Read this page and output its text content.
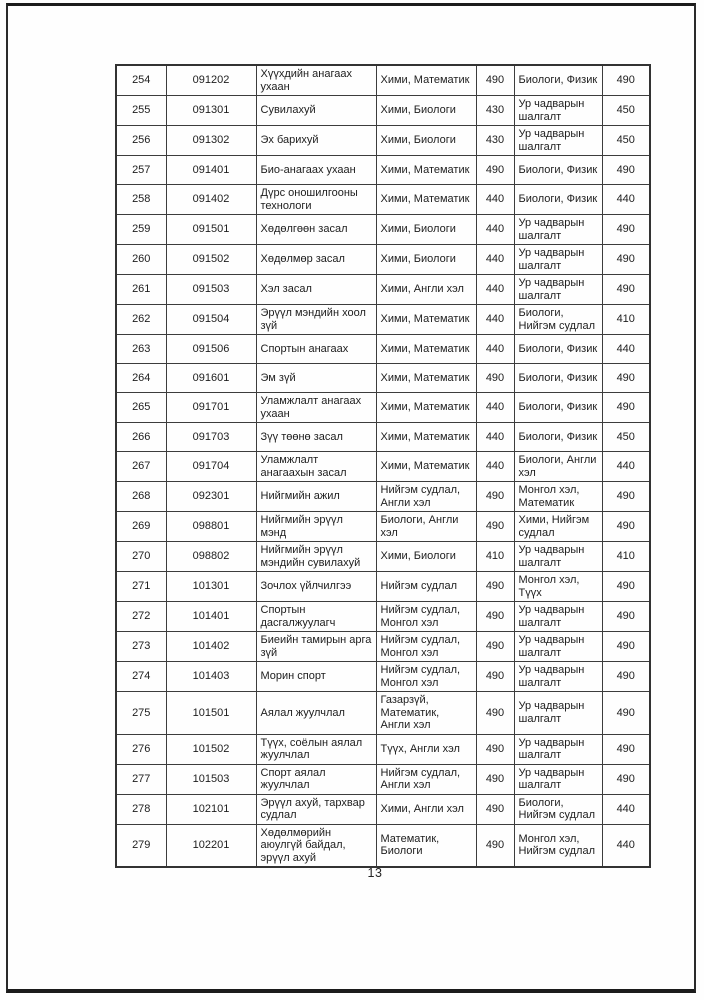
254	091202	Хүүхдийн анагаах ухаан	Хими, Математик	490	Биологи, Физик	490
255	091301	Сувилахуй	Хими, Биологи	430	Ур чадварын шалгалт	450
256	091302	Эх барихуй	Хими, Биологи	430	Ур чадварын шалгалт	450
257	091401	Био-анагаах ухаан	Хими, Математик	490	Биологи, Физик	490
258	091402	Дүрс оношилгооны технологи	Хими, Математик	440	Биологи, Физик	440
259	091501	Хөдөлгөөн засал	Хими, Биологи	440	Ур чадварын шалгалт	490
260	091502	Хөдөлмөр засал	Хими, Биологи	440	Ур чадварын шалгалт	490
261	091503	Хэл засал	Хими, Англи хэл	440	Ур чадварын шалгалт	490
262	091504	Эрүүл мэндийн хоол зүй	Хими, Математик	440	Биологи, Нийгэм судлал	410
263	091506	Спортын анагаах	Хими, Математик	440	Биологи, Физик	440
264	091601	Эм зүй	Хими, Математик	490	Биологи, Физик	490
265	091701	Уламжлалт анагаах ухаан	Хими, Математик	440	Биологи, Физик	490
266	091703	Зүү төөнө засал	Хими, Математик	440	Биологи, Физик	450
267	091704	Уламжлалт анагаахын засал	Хими, Математик	440	Биологи, Англи хэл	440
268	092301	Нийгмийн ажил	Нийгэм судлал, Англи хэл	490	Монгол хэл, Математик	490
269	098801	Нийгмийн эрүүл мэнд	Биологи, Англи хэл	490	Хими, Нийгэм судлал	490
270	098802	Нийгмийн эрүүл мэндийн сувилахуй	Хими, Биологи	410	Ур чадварын шалгалт	410
271	101301	Зочлох үйлчилгээ	Нийгэм судлал	490	Монгол хэл, Түүх	490
272	101401	Спортын дасгалжуулагч	Нийгэм судлал, Монгол хэл	490	Ур чадварын шалгалт	490
273	101402	Биеийн тамирын арга зүй	Нийгэм судлал, Монгол хэл	490	Ур чадварын шалгалт	490
274	101403	Морин спорт	Нийгэм судлал, Монгол хэл	490	Ур чадварын шалгалт	490
275	101501	Аялал жуулчлал	Газарзүй, Математик, Англи хэл	490	Ур чадварын шалгалт	490
276	101502	Түүх, соёлын аялал жуулчлал	Түүх, Англи хэл	490	Ур чадварын шалгалт	490
277	101503	Спорт аялал жуулчлал	Нийгэм судлал, Англи хэл	490	Ур чадварын шалгалт	490
278	102101	Эрүүл ахуй, тархвар судлал	Хими, Англи хэл	490	Биологи, Нийгэм судлал	440
279	102201	Хөдөлмөрийн аюулгүй байдал, эрүүл ахуй	Математик, Биологи	490	Монгол хэл, Нийгэм судлал	440
13
